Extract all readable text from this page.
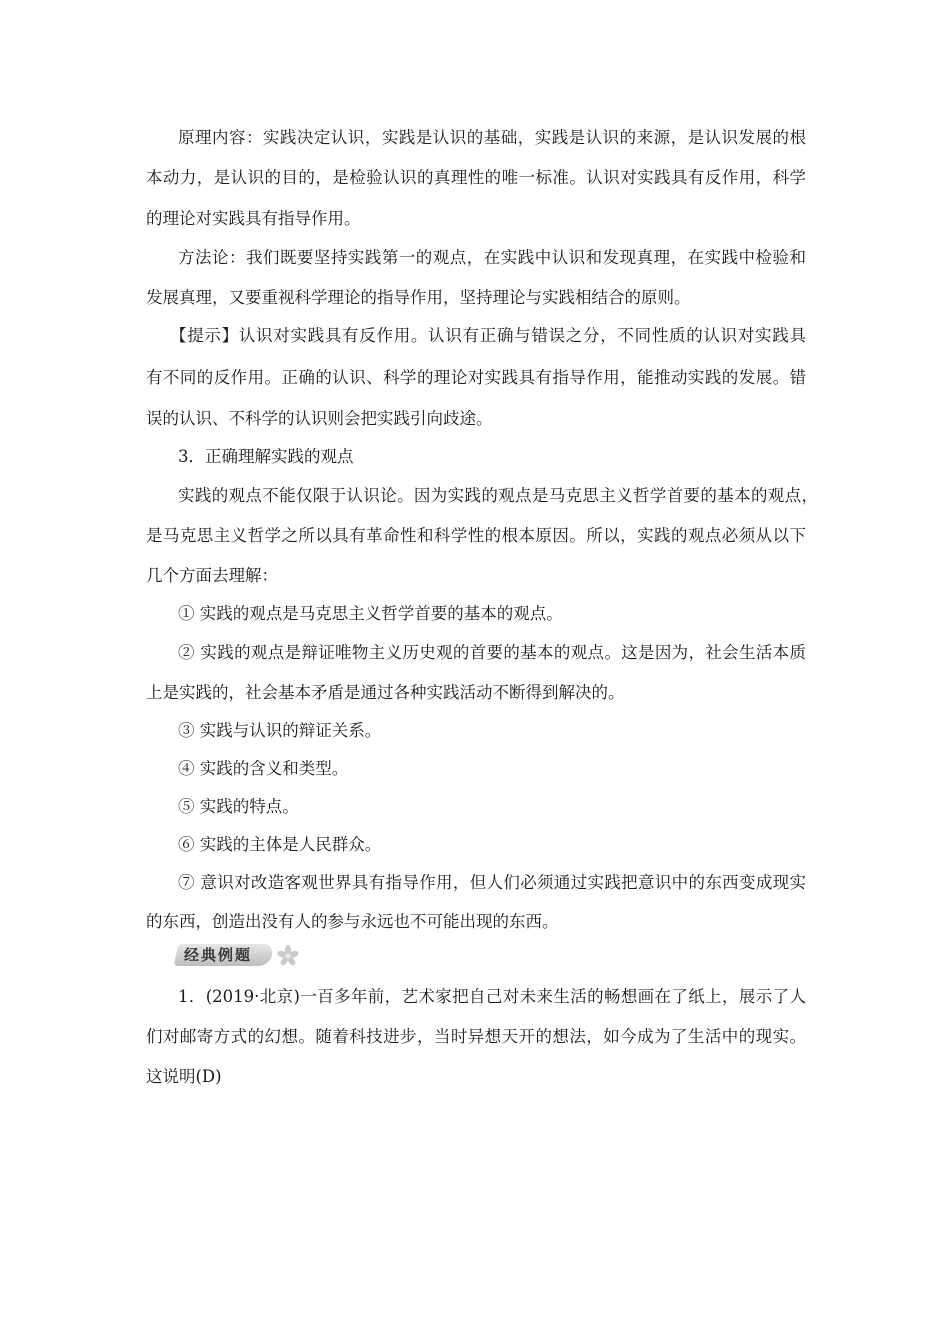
原理内容：实践决定认识，实践是认识的基础，实践是认识的来源，是认识发展的根
本动力，是认识的目的，是检验认识的真理性的唯一标准。认识对实践具有反作用，科学
的理论对实践具有指导作用。
方法论：我们既要坚持实践第一的观点，在实践中认识和发现真理，在实践中检验和
发展真理，又要重视科学理论的指导作用，坚持理论与实践相结合的原则。
【提示】认识对实践具有反作用。认识有正确与错误之分，不同性质的认识对实践具
有不同的反作用。正确的认识、科学的理论对实践具有指导作用，能推动实践的发展。错
误的认识、不科学的认识则会把实践引向歧途。
3．正确理解实践的观点
实践的观点不能仅限于认识论。因为实践的观点是马克思主义哲学首要的基本的观点，
是马克思主义哲学之所以具有革命性和科学性的根本原因。所以，实践的观点必须从以下
几个方面去理解：
① 实践的观点是马克思主义哲学首要的基本的观点。
② 实践的观点是辩证唯物主义历史观的首要的基本的观点。这是因为，社会生活本质
上是实践的，社会基本矛盾是通过各种实践活动不断得到解决的。
③ 实践与认识的辩证关系。
④ 实践的含义和类型。
⑤ 实践的特点。
⑥ 实践的主体是人民群众。
⑦ 意识对改造客观世界具有指导作用，但人们必须通过实践把意识中的东西变成现实
的东西，创造出没有人的参与永远也不可能出现的东西。
经典例题
1．(2019·北京)一百多年前，艺术家把自己对未来生活的畅想画在了纸上，展示了人
们对邮寄方式的幻想。随着科技进步，当时异想天开的想法，如今成为了生活中的现实。
这说明(D)
